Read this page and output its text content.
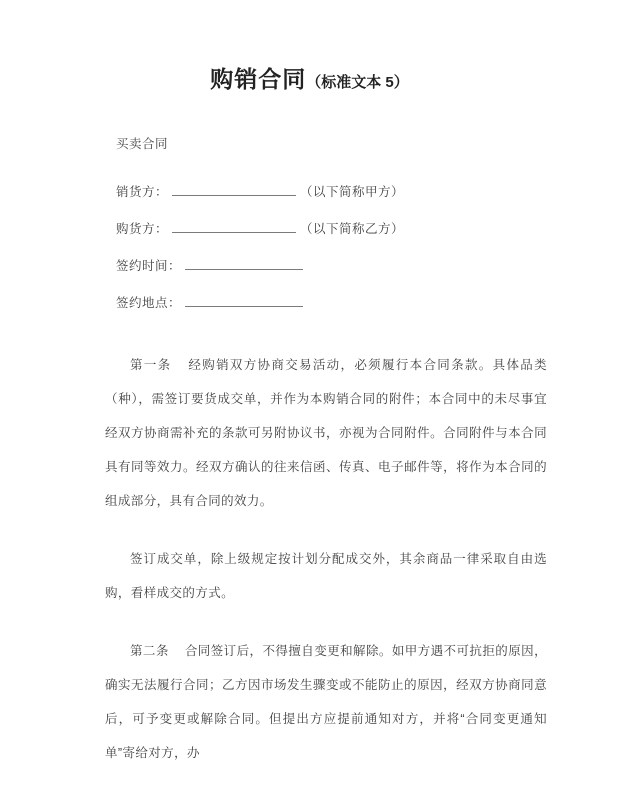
购销合同（标准文本 5）
买卖合同
销货方：	（以下简称甲方）
购货方：	（以下简称乙方）
签约时间：
签约地点：

第一条 经购销双方协商交易活动，必须履行本合同条款。具体品类（种），需签订要货成交单，并作为本购销合同的附件；本合同中的未尽事宜经双方协商需补充的条款可另附协议书，亦视为合同附件。合同附件与本合同具有同等效力。经双方确认的往来信函、传真、电子邮件等，将作为本合同的组成部分，具有合同的效力。

签订成交单，除上级规定按计划分配成交外，其余商品一律采取自由选购，看样成交的方式。

第二条 合同签订后，不得擅自变更和解除。如甲方遇不可抗拒的原因，确实无法履行合同；乙方因市场发生骤变或不能防止的原因，经双方协商同意后，可予变更或解除合同。但提出方应提前通知对方，并将“合同变更通知单”寄给对方，办
